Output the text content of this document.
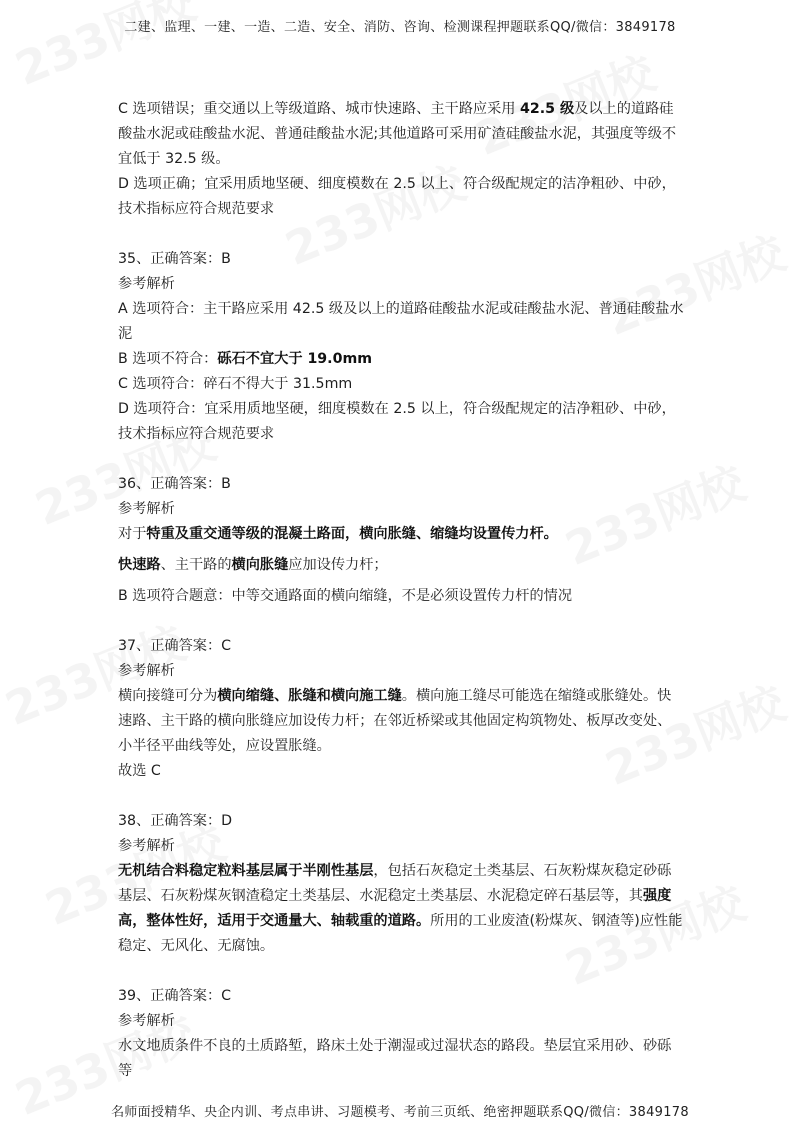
二建、监理、一建、一造、二造、安全、消防、咨询、检测课程押题联系QQ/微信：3849178

C 选项错误；重交通以上等级道路、城市快速路、主干路应采用 42.5 级及以上的道路硅酸盐水泥或硅酸盐水泥、普通硅酸盐水泥;其他道路可采用矿渣硅酸盐水泥，其强度等级不宜低于 32.5 级。

D 选项正确；宜采用质地坚硬、细度模数在 2.5 以上、符合级配规定的洁净粗砂、中砂，技术指标应符合规范要求

35、正确答案：B

参考解析

A 选项符合：主干路应采用 42.5 级及以上的道路硅酸盐水泥或硅酸盐水泥、普通硅酸盐水泥

B 选项不符合：砾石不宜大于 19.0mm

C 选项符合：碎石不得大于 31.5mm

D 选项符合：宜采用质地坚硬，细度模数在 2.5 以上，符合级配规定的洁净粗砂、中砂，技术指标应符合规范要求

36、正确答案：B

参考解析

对于特重及重交通等级的混凝土路面，横向胀缝、缩缝均设置传力杆。

快速路、主干路的横向胀缝应加设传力杆；

B 选项符合题意：中等交通路面的横向缩缝，不是必须设置传力杆的情况

37、正确答案：C

参考解析

横向接缝可分为横向缩缝、胀缝和横向施工缝。横向施工缝尽可能选在缩缝或胀缝处。快速路、主干路的横向胀缝应加设传力杆；在邻近桥梁或其他固定构筑物处、板厚改变处、小半径平曲线等处，应设置胀缝。

故选 C

38、正确答案：D

参考解析

无机结合料稳定粒料基层属于半刚性基层，包括石灰稳定土类基层、石灰粉煤灰稳定砂砾基层、石灰粉煤灰钢渣稳定土类基层、水泥稳定土类基层、水泥稳定碎石基层等，其强度高，整体性好，适用于交通量大、轴载重的道路。所用的工业废渣(粉煤灰、钢渣等)应性能稳定、无风化、无腐蚀。

39、正确答案：C

参考解析

水文地质条件不良的土质路堑，路床土处于潮湿或过湿状态的路段。垫层宜采用砂、砂砾等

名师面授精华、央企内训、考点串讲、习题模考、考前三页纸、绝密押题联系QQ/微信：3849178
